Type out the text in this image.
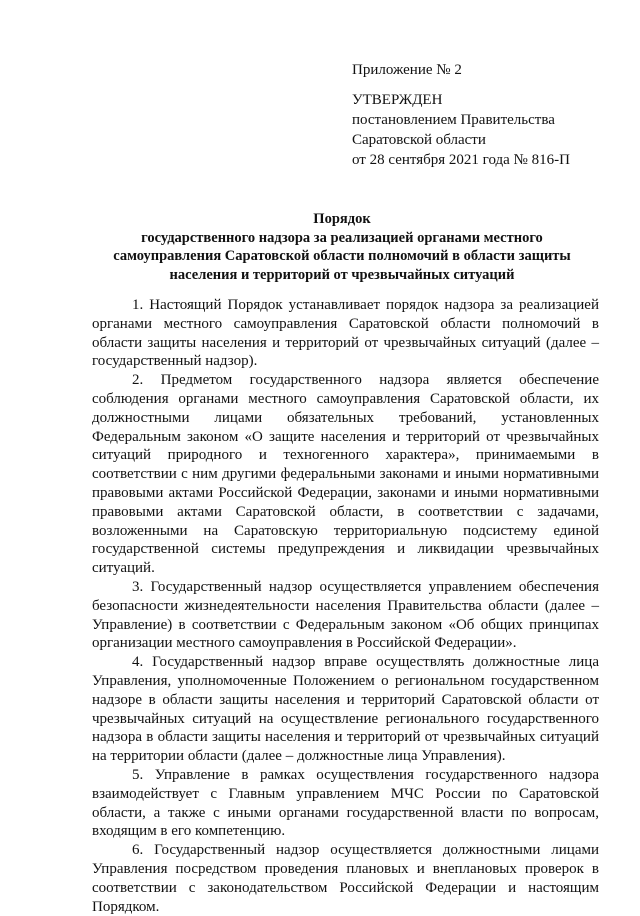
Приложение № 2
УТВЕРЖДЕН
постановлением Правительства
Саратовской области
от 28 сентября 2021 года № 816-П
Порядок
государственного надзора за реализацией органами местного
самоуправления Саратовской области полномочий в области защиты
населения и территорий от чрезвычайных ситуаций

1. Настоящий Порядок устанавливает порядок надзора за реализацией органами местного самоуправления Саратовской области полномочий в области защиты населения и территорий от чрезвычайных ситуаций (далее – государственный надзор).

2. Предметом государственного надзора является обеспечение соблюдения органами местного самоуправления Саратовской области, их должностными лицами обязательных требований, установленных Федеральным законом «О защите населения и территорий от чрезвычайных ситуаций природного и техногенного характера», принимаемыми в соответствии с ним другими федеральными законами и иными нормативными правовыми актами Российской Федерации, законами и иными нормативными правовыми актами Саратовской области, в соответствии с задачами, возложенными на Саратовскую территориальную подсистему единой государственной системы предупреждения и ликвидации чрезвычайных ситуаций.

3. Государственный надзор осуществляется управлением обеспечения безопасности жизнедеятельности населения Правительства области (далее – Управление) в соответствии с Федеральным законом «Об общих принципах организации местного самоуправления в Российской Федерации».

4. Государственный надзор вправе осуществлять должностные лица Управления, уполномоченные Положением о региональном государственном надзоре в области защиты населения и территорий Саратовской области от чрезвычайных ситуаций на осуществление регионального государственного надзора в области защиты населения и территорий от чрезвычайных ситуаций на территории области (далее – должностные лица Управления).

5. Управление в рамках осуществления государственного надзора взаимодействует с Главным управлением МЧС России по Саратовской области, а также с иными органами государственной власти по вопросам, входящим в его компетенцию.

6. Государственный надзор осуществляется должностными лицами Управления посредством проведения плановых и внеплановых проверок в соответствии с законодательством Российской Федерации и настоящим Порядком.
